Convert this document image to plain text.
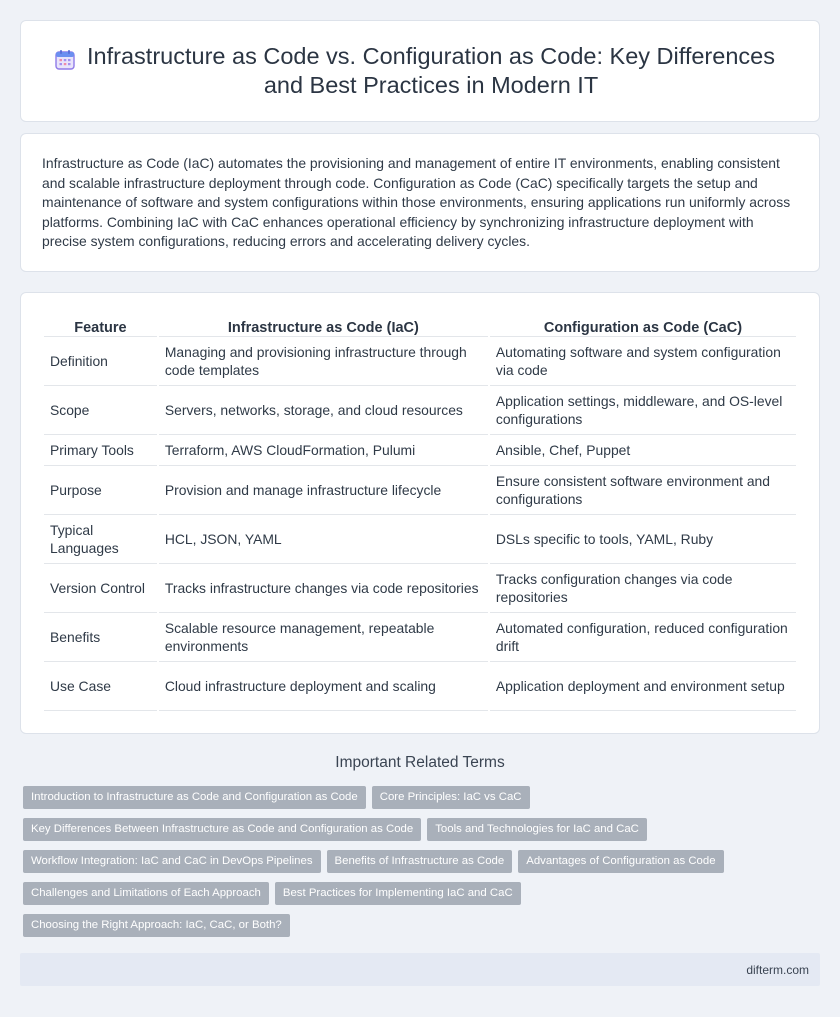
Infrastructure as Code vs. Configuration as Code: Key Differences and Best Practices in Modern IT

Infrastructure as Code (IaC) automates the provisioning and management of entire IT environments, enabling consistent and scalable infrastructure deployment through code. Configuration as Code (CaC) specifically targets the setup and maintenance of software and system configurations within those environments, ensuring applications run uniformly across platforms. Combining IaC with CaC enhances operational efficiency by synchronizing infrastructure deployment with precise system configurations, reducing errors and accelerating delivery cycles.

Feature	Infrastructure as Code (IaC)	Configuration as Code (CaC)
Definition	Managing and provisioning infrastructure through code templates	Automating software and system configuration via code
Scope	Servers, networks, storage, and cloud resources	Application settings, middleware, and OS-level configurations
Primary Tools	Terraform, AWS CloudFormation, Pulumi	Ansible, Chef, Puppet
Purpose	Provision and manage infrastructure lifecycle	Ensure consistent software environment and configurations
Typical Languages	HCL, JSON, YAML	DSLs specific to tools, YAML, Ruby
Version Control	Tracks infrastructure changes via code repositories	Tracks configuration changes via code repositories
Benefits	Scalable resource management, repeatable environments	Automated configuration, reduced configuration drift
Use Case	Cloud infrastructure deployment and scaling	Application deployment and environment setup
Important Related Terms
Introduction to Infrastructure as Code and Configuration as Code	Core Principles: IaC vs CaC
Key Differences Between Infrastructure as Code and Configuration as Code	Tools and Technologies for IaC and CaC
Workflow Integration: IaC and CaC in DevOps Pipelines	Benefits of Infrastructure as Code	Advantages of Configuration as Code
Challenges and Limitations of Each Approach	Best Practices for Implementing IaC and CaC
Choosing the Right Approach: IaC, CaC, or Both?
difterm.com
